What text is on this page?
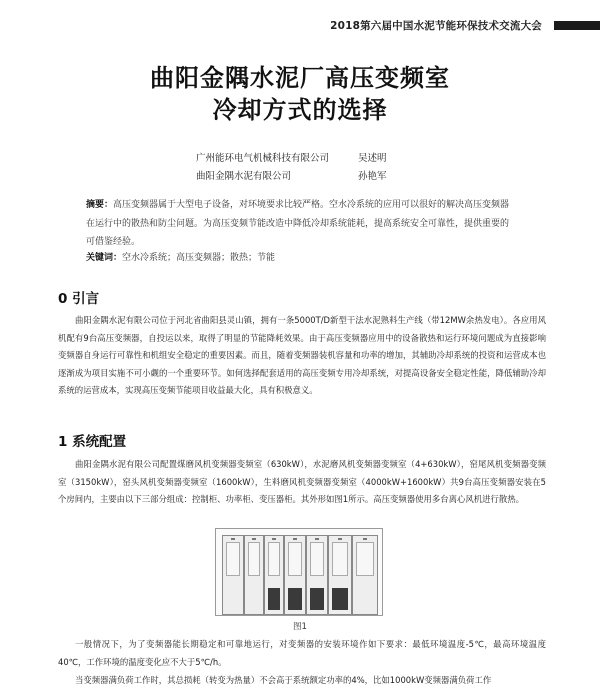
2018第六届中国水泥节能环保技术交流大会
曲阳金隅水泥厂高压变频室
冷却方式的选择
广州能环电气机械科技有限公司	吴述明
曲阳金隅水泥有限公司	孙艳军
摘要：高压变频器属于大型电子设备，对环境要求比较严格。空水冷系统的应用可以很好的解决高压变频器在运行中的散热和防尘问题。为高压变频节能改造中降低冷却系统能耗，提高系统安全可靠性，提供重要的可借鉴经验。
关键词：空水冷系统；高压变频器；散热；节能
0 引言
曲阳金隅水泥有限公司位于河北省曲阳县灵山镇，拥有一条5000T/D新型干法水泥熟料生产线（带12MW余热发电）。各应用风机配有9台高压变频器，自投运以来，取得了明显的节能降耗效果。由于高压变频器应用中的设备散热和运行环境问题成为直接影响变频器自身运行可靠性和机组安全稳定的重要因素。而且，随着变频器装机容量和功率的增加，其辅助冷却系统的投资和运营成本也逐渐成为项目实施不可小觑的一个重要环节。如何选择配套适用的高压变频专用冷却系统，对提高设备安全稳定性能，降低辅助冷却系统的运营成本，实现高压变频节能项目收益最大化，具有积极意义。
1 系统配置
曲阳金隅水泥有限公司配置煤磨风机变频器变频室（630kW），水泥磨风机变频器变频室（4+630kW），窑尾风机变频器变频室（3150kW），窑头风机变频器变频室（1600kW），生料磨风机变频器变频室（4000kW+1600kW）共9台高压变频器安装在5个房间内，主要由以下三部分组成：控制柜、功率柜、变压器柜。其外形如图1所示。高压变频器使用多台离心风机进行散热。
图1
一般情况下，为了变频器能长期稳定和可靠地运行，对变频器的安装环境作如下要求：最低环境温度-5℃，最高环境温度40℃，工作环境的温度变化应不大于5℃/h。
当变频器满负荷工作时，其总损耗（转变为热量）不会高于系统额定功率的4%，比如1000kW变频器满负荷工作
